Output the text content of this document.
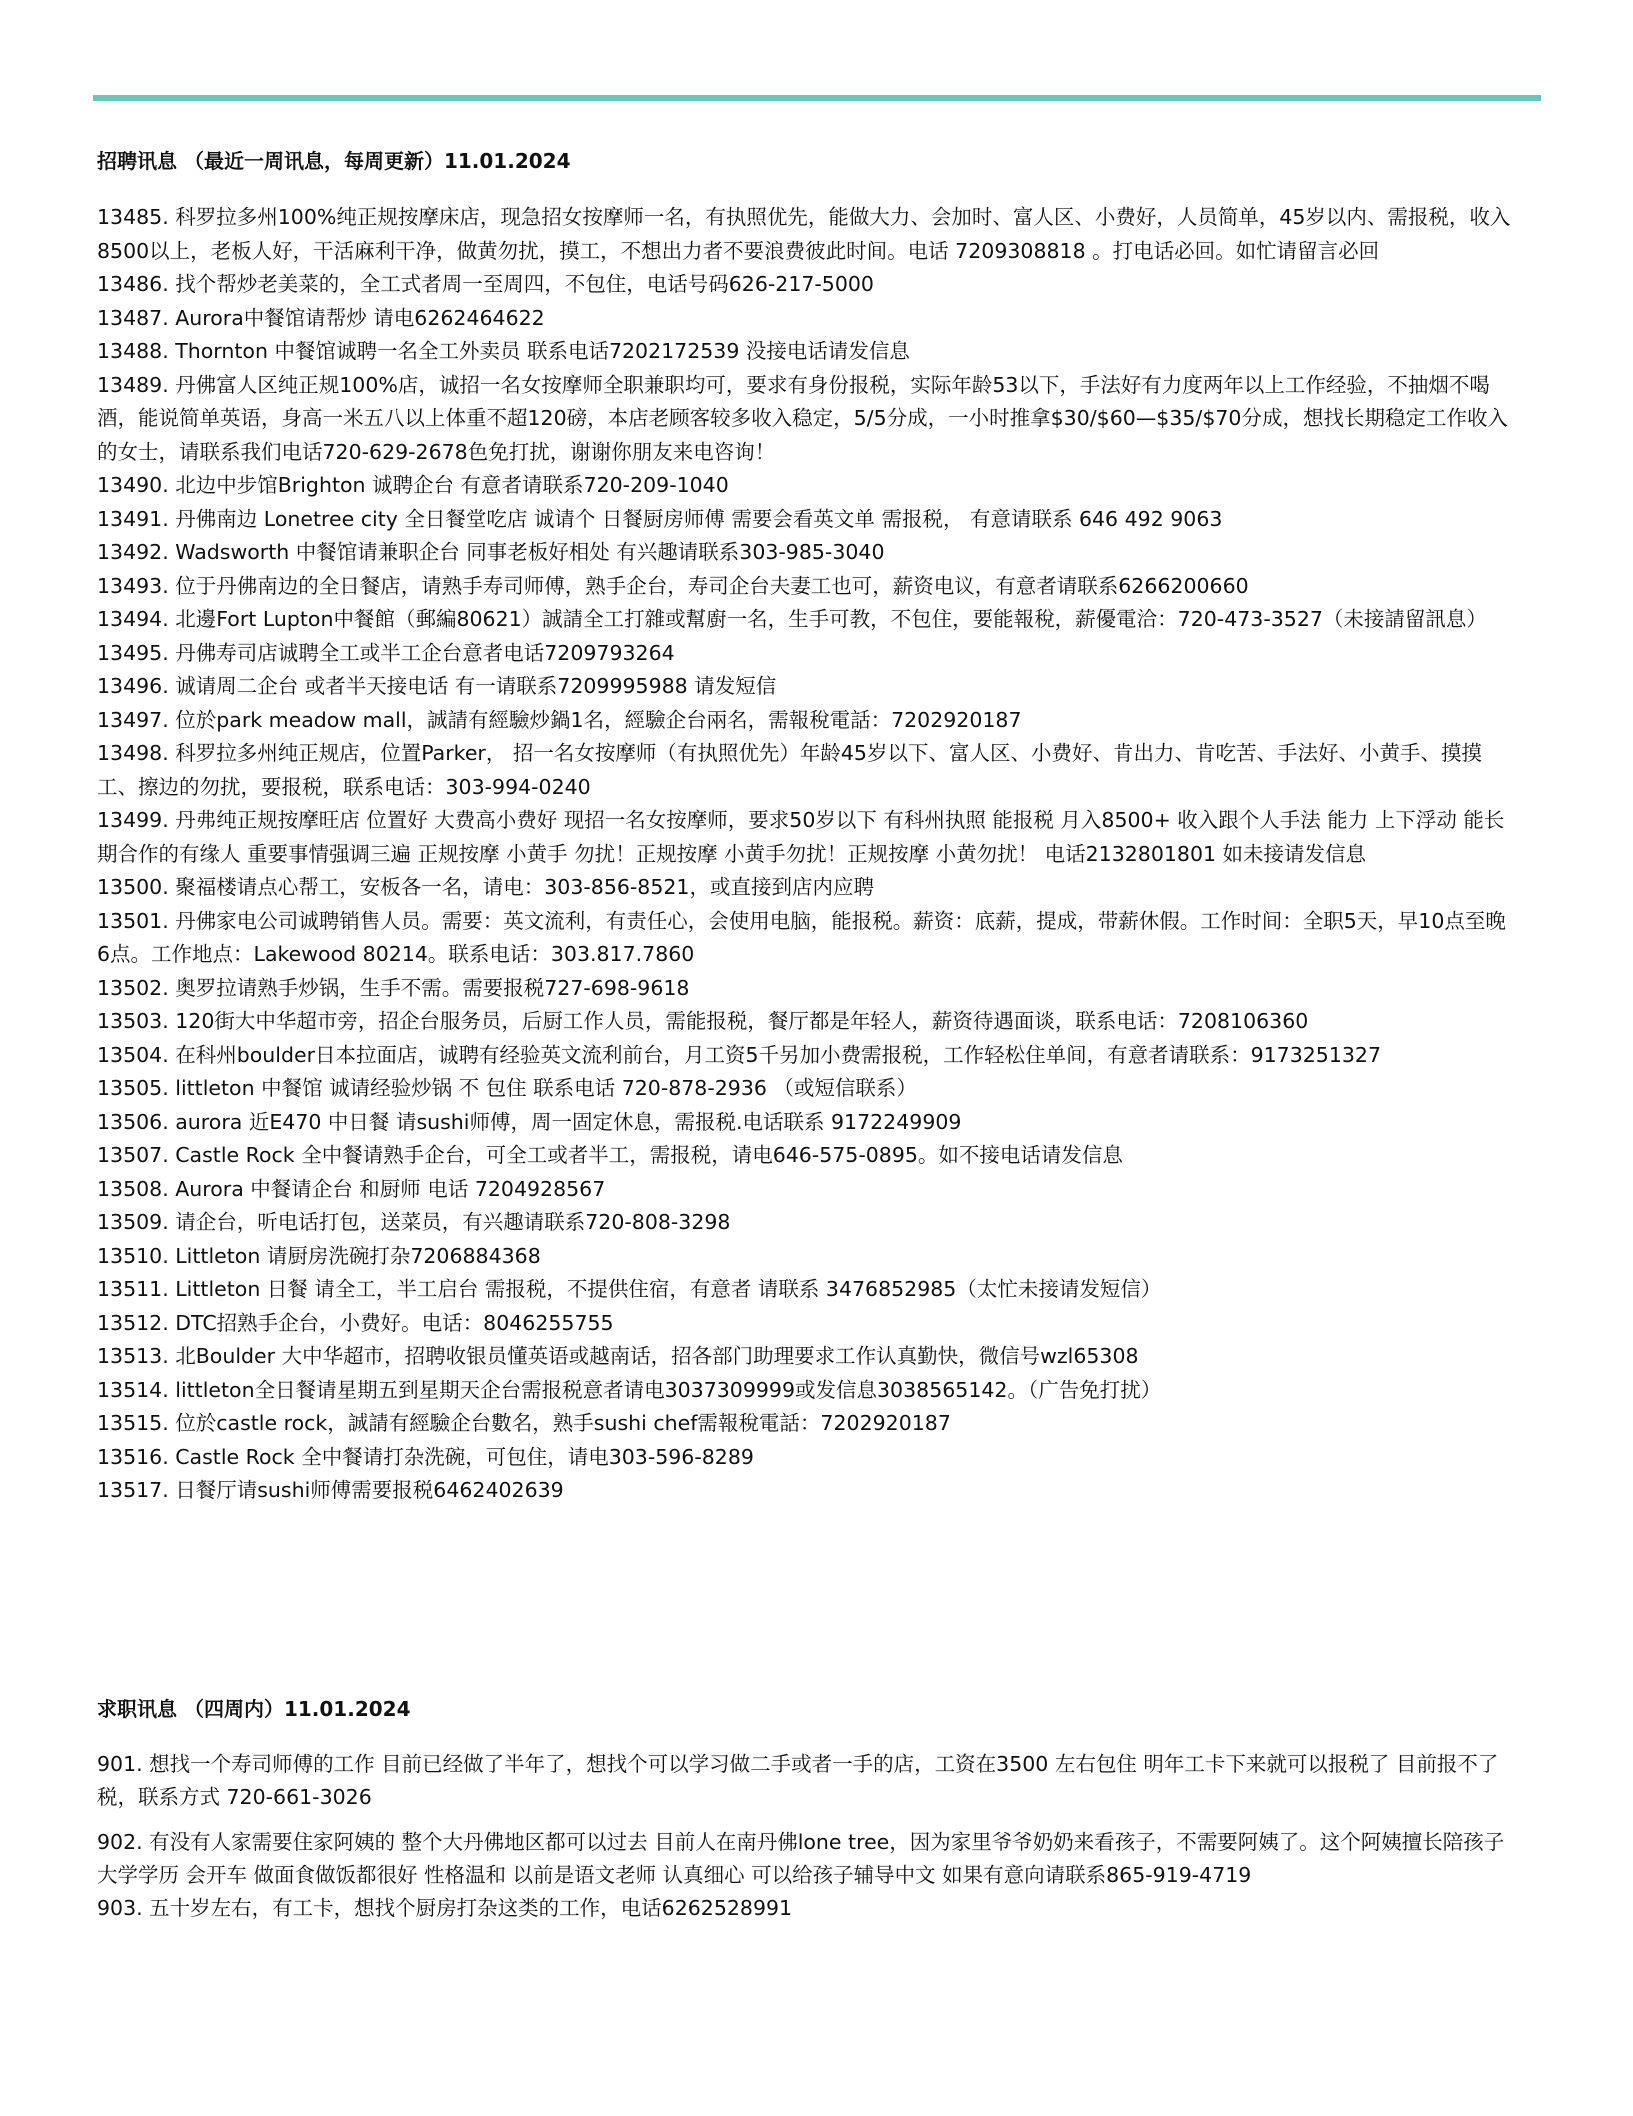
招聘讯息 （最近一周讯息，每周更新）11.01.2024
13485. 科罗拉多州100%纯正规按摩床店，现急招女按摩师一名，有执照优先，能做大力、会加时、富人区、小费好，人员简单，45岁以内、需报税，收入8500以上，老板人好，干活麻利干净，做黄勿扰，摸工，不想出力者不要浪费彼此时间。电话 7209308818 。打电话必回。如忙请留言必回
13486. 找个帮炒老美菜的，全工式者周一至周四，不包住，电话号码626-217-5000
13487. Aurora中餐馆请帮炒 请电6262464622
13488. Thornton 中餐馆诚聘一名全工外卖员 联系电话7202172539 没接电话请发信息
13489. 丹佛富人区纯正规100%店，诚招一名女按摩师全职兼职均可，要求有身份报税，实际年龄53以下，手法好有力度两年以上工作经验，不抽烟不喝酒，能说简单英语，身高一米五八以上体重不超120磅，本店老顾客较多收入稳定，5/5分成，一小时推拿$30/$60—$35/$70分成，想找长期稳定工作收入的女士，请联系我们电话720-629-2678色免打扰，谢谢你朋友来电咨询！
13490. 北边中步馆Brighton 诚聘企台 有意者请联系720-209-1040
13491. 丹佛南边 Lonetree city 全日餐堂吃店 诚请个 日餐厨房师傅 需要会看英文单 需报税， 有意请联系 646 492 9063
13492. Wadsworth 中餐馆请兼职企台 同事老板好相处 有兴趣请联系303-985-3040
13493. 位于丹佛南边的全日餐店，请熟手寿司师傅，熟手企台，寿司企台夫妻工也可，薪资电议，有意者请联系6266200660
13494. 北邊Fort Lupton中餐館（郵編80621）誠請全工打雜或幫廚一名，生手可教，不包住，要能報稅，薪優電洽：720-473-3527（未接請留訊息）
13495. 丹佛寿司店诚聘全工或半工企台意者电话7209793264
13496. 诚请周二企台 或者半天接电话 有一请联系7209995988 请发短信
13497. 位於park meadow mall，誠請有經驗炒鍋1名，經驗企台兩名，需報稅電話：7202920187
13498. 科罗拉多州纯正规店，位置Parker， 招一名女按摩师（有执照优先）年龄45岁以下、富人区、小费好、肯出力、肯吃苦、手法好、小黄手、摸摸工、擦边的勿扰，要报税，联系电话：303-994-0240
13499. 丹弗纯正规按摩旺店 位置好 大费高小费好 现招一名女按摩师，要求50岁以下 有科州执照 能报税 月入8500+ 收入跟个人手法 能力 上下浮动 能长期合作的有缘人 重要事情强调三遍 正规按摩 小黄手 勿扰！正规按摩 小黄手勿扰！正规按摩 小黄勿扰！ 电话2132801801 如未接请发信息
13500. 聚福楼请点心帮工，安板各一名，请电：303-856-8521，或直接到店内应聘
13501. 丹佛家电公司诚聘销售人员。需要：英文流利，有责任心，会使用电脑，能报税。薪资：底薪，提成，带薪休假。工作时间：全职5天，早10点至晚6点。工作地点：Lakewood 80214。联系电话：303.817.7860
13502. 奥罗拉请熟手炒锅，生手不需。需要报税727-698-9618
13503. 120街大中华超市旁，招企台服务员，后厨工作人员，需能报税，餐厅都是年轻人，薪资待遇面谈，联系电话：7208106360
13504. 在科州boulder日本拉面店，诚聘有经验英文流利前台，月工资5千另加小费需报税，工作轻松住单间，有意者请联系：9173251327
13505. littleton 中餐馆 诚请经验炒锅 不 包住 联系电话 720-878-2936 （或短信联系）
13506. aurora 近E470 中日餐 请sushi师傅，周一固定休息，需报税.电话联系 9172249909
13507. Castle Rock 全中餐请熟手企台，可全工或者半工，需报税，请电646-575-0895。如不接电话请发信息
13508. Aurora 中餐请企台 和厨师 电话 7204928567
13509. 请企台，听电话打包，送菜员，有兴趣请联系720-808-3298
13510. Littleton 请厨房洗碗打杂7206884368
13511. Littleton 日餐 请全工，半工启台 需报税，不提供住宿，有意者 请联系 3476852985（太忙未接请发短信）
13512. DTC招熟手企台，小费好。电话：8046255755
13513. 北Boulder 大中华超市，招聘收银员懂英语或越南话，招各部门助理要求工作认真勤快，微信号wzl65308
13514. littleton全日餐请星期五到星期天企台需报税意者请电3037309999或发信息3038565142。（广告免打扰）
13515. 位於castle rock，誠請有經驗企台數名，熟手sushi chef需報稅電話：7202920187
13516. Castle Rock 全中餐请打杂洗碗，可包住，请电303-596-8289
13517. 日餐厅请sushi师傅需要报税6462402639
求职讯息 （四周内）11.01.2024
901. 想找一个寿司师傅的工作 目前已经做了半年了，想找个可以学习做二手或者一手的店，工资在3500 左右包住 明年工卡下来就可以报税了 目前报不了税，联系方式 720-661-3026
902. 有没有人家需要住家阿姨的 整个大丹佛地区都可以过去 目前人在南丹佛lone tree，因为家里爷爷奶奶来看孩子，不需要阿姨了。这个阿姨擅长陪孩子 大学学历 会开车 做面食做饭都很好 性格温和 以前是语文老师 认真细心 可以给孩子辅导中文 如果有意向请联系865-919-4719
903. 五十岁左右，有工卡，想找个厨房打杂这类的工作，电话6262528991
